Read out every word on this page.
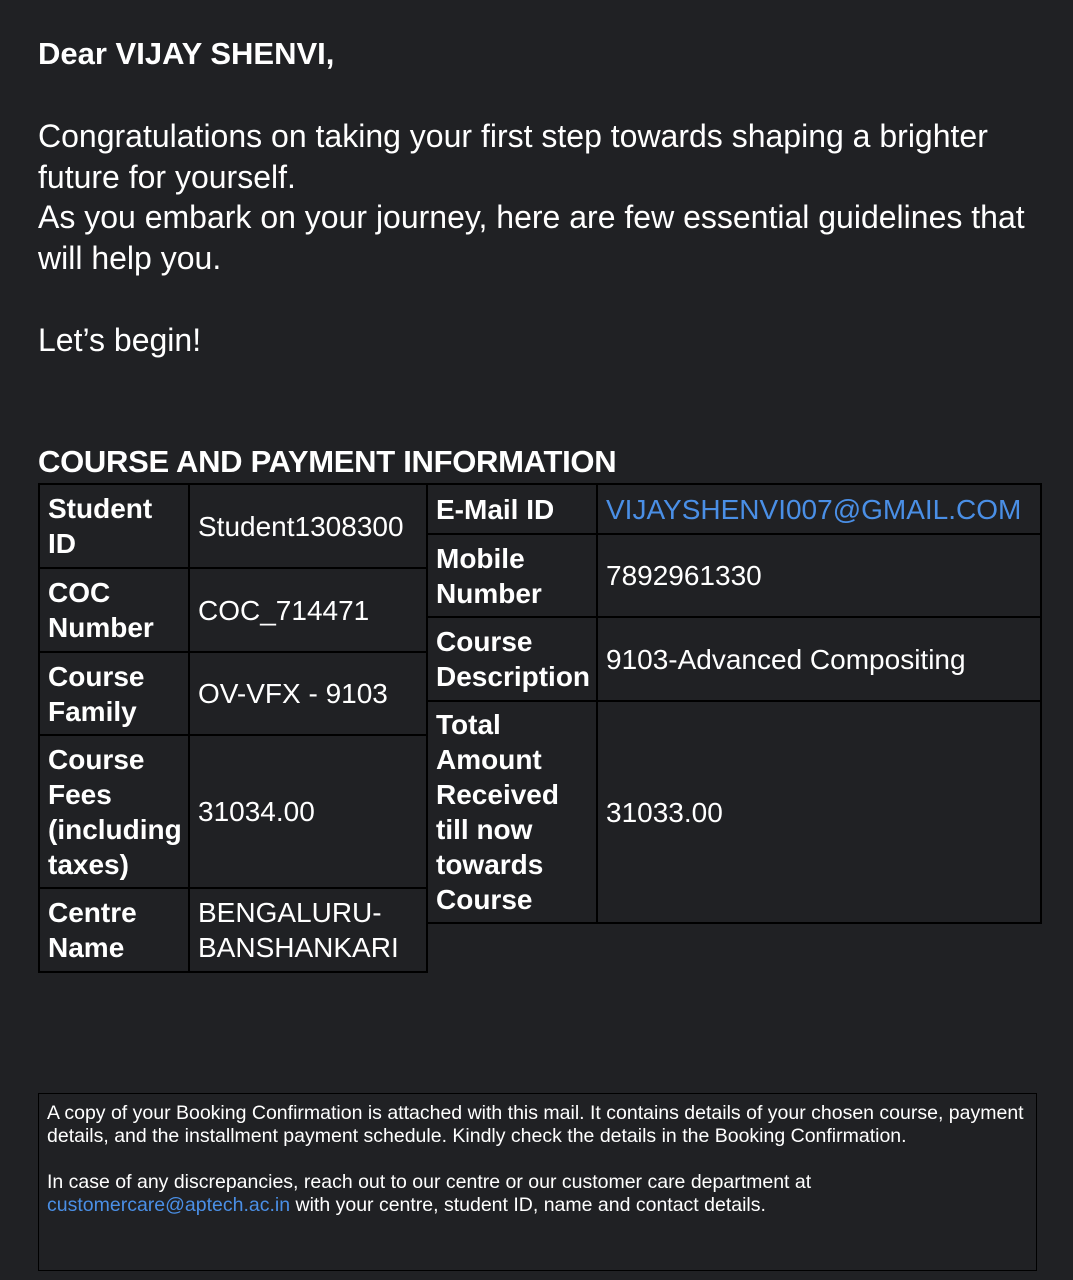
Dear VIJAY SHENVI,

Congratulations on taking your first step towards shaping a brighter future for yourself.

As you embark on your journey, here are few essential guidelines that will help you.

Let’s begin!
COURSE AND PAYMENT INFORMATION
Student ID	Student1308300
COC Number	COC_714471
Course Family	OV-VFX - 9103
Course Fees (including taxes)	31034.00
Centre Name	BENGALURU-BANSHANKARI
E-Mail ID	VIJAYSHENVI007@GMAIL.COM
Mobile Number	7892961330
Course Description	9103-Advanced Compositing
Total Amount Received till now towards Course	31033.00

A copy of your Booking Confirmation is attached with this mail. It contains details of your chosen course, payment details, and the installment payment schedule. Kindly check the details in the Booking Confirmation.

In case of any discrepancies, reach out to our centre or our customer care department at customercare@aptech.ac.in with your centre, student ID, name and contact details.
